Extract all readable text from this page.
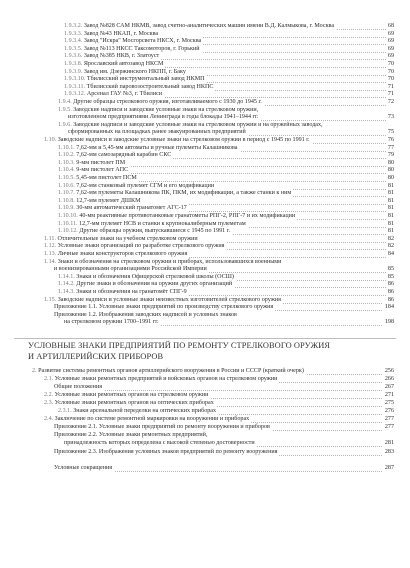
68
1.9.3.2. Завод №828 САМ НКМВ, завод счетно-аналитических машин имени В.Д. Калмыкова, г. Москва
69
1.9.3.3. Завод №43 НКАП, г. Москва
69
1.9.3.4. Завод "Искра" Мосгорсвета НКСХ, г. Москва
69
1.9.3.5. Завод №113 НКСС Таксомоторов, г. Горький
69
1.9.3.6. Завод №385 НКВ, г. Златоуст
70
1.9.3.8. Ярославский автозавод НКСМ
70
1.9.3.9. Завод им. Дзержинского НКПП, г. Баку
70
1.9.3.10. Тбилисский инструментальный завод НКМП
71
1.9.3.11. Тбилисский паровозостроительный завод НКПС
71
1.9.3.12. Арсенал ГАУ №3, г. Тбилиси
72
1.9.4. Другие образцы стрелкового оружия, изготавливаемого с 1930 до 1945 г.
1.9.5. Заводские надписи и заводские условные знаки на стрелковом оружии,
73
изготовленном предприятиями Ленинграда в годы блокады 1941–1944 гг.
1.9.6. Заводские надписи и заводские условные знаки на стрелковом оружии и на оружейных заводах,
75
сформированных на площадках ранее эвакуированных предприятий
76
1.10. Заводские надписи и заводские условные знаки на стрелковом оружии в период с 1945 по 1991 г.
77
1.10.1. 7,62-мм и 5,45-мм автоматы и ручные пулеметы Калашникова
79
1.10.2. 7,62-мм самозарядный карабин СКС
80
1.10.3. 9-мм пистолет ПМ
80
1.10.4. 9-мм пистолет АПС
80
1.10.5. 5,45-мм пистолет ПСМ
81
1.10.6. 7,62-мм станковый пулемет СГМ и его модификации
81
1.10.7. 7,62-мм пулеметы Калашникова ПК, ПКМ, их модификации, а также станки к ним
81
1.10.8. 12,7-мм пулемет ДШКМ
81
1.10.9. 30-мм автоматический гранатомет АГС-17
81
1.10.10. 40-мм реактивные противотанковые гранатометы РПГ-2, РПГ-7 и их модификации
81
1.10.11. 12,7-мм пулемет НСВ и станки к крупнокалиберным пулеметам
81
1.10.12. Другие образцы оружия, выпускавшиеся с 1945 по 1991 г.
82
1.11. Отличительные знаки на учебном стрелковом оружии
82
1.12. Условные знаки организаций по разработке стрелкового оружия
84
1.13. Личные знаки конструкторов стрелкового оружия
1.14. Знаки и обозначения на стрелковом оружии и приборах, использовавшихся военными
85
и военизированными организациями Российской Империи
85
1.14.1. Знаки и обозначения Офицерской стрелковой школы (ОСШ)
86
1.14.2. Другие знаки и обозначения на оружии других организаций
86
1.14.3. Знаки и обозначения на гранатомёт СПГ-9
86
1.15. Заводские надписи и условные знаки неизвестных изготовителей стрелкового оружия
184
Приложение 1.1. Условные знаки предприятий по производству стрелкового оружия
Приложение 1.2. Изображения заводских надписей и условных знаков
198
на стрелковом оружии 1700–1991 гг.
УСЛОВНЫЕ ЗНАКИ ПРЕДПРИЯТИЙ ПО РЕМОНТУ СТРЕЛКОВОГО ОРУЖИЯ
И АРТИЛЛЕРИЙСКИХ ПРИБОРОВ
256
2. Развитие системы ремонтных органов артиллерийского вооружения в России и СССР (краткий очерк)
266
2.1. Условные знаки ремонтных предприятий и войсковых органов на стрелковом оружии
267
Общие положения
271
2.2. Условные знаки ремонтных органов на стрелковом оружии
275
2.3. Условные знаки ремонтных органов на оптических приборах
276
2.3.1. Знаки арсенальной переделки на оптических приборах
277
2.4. Заключение по системе ремонтной маркировки на вооружении и приборах
277
Приложение 2.1. Условные знаки предприятий по ремонту вооружения и приборов
Приложение 2.2. Условные знаки ремонтных предприятий,
281
принадлежность которых определена с высокой степенью достоверности
283
Приложение 2.3. Изображения условных знаков предприятий по ремонту вооружения
287
Условные сокращения
